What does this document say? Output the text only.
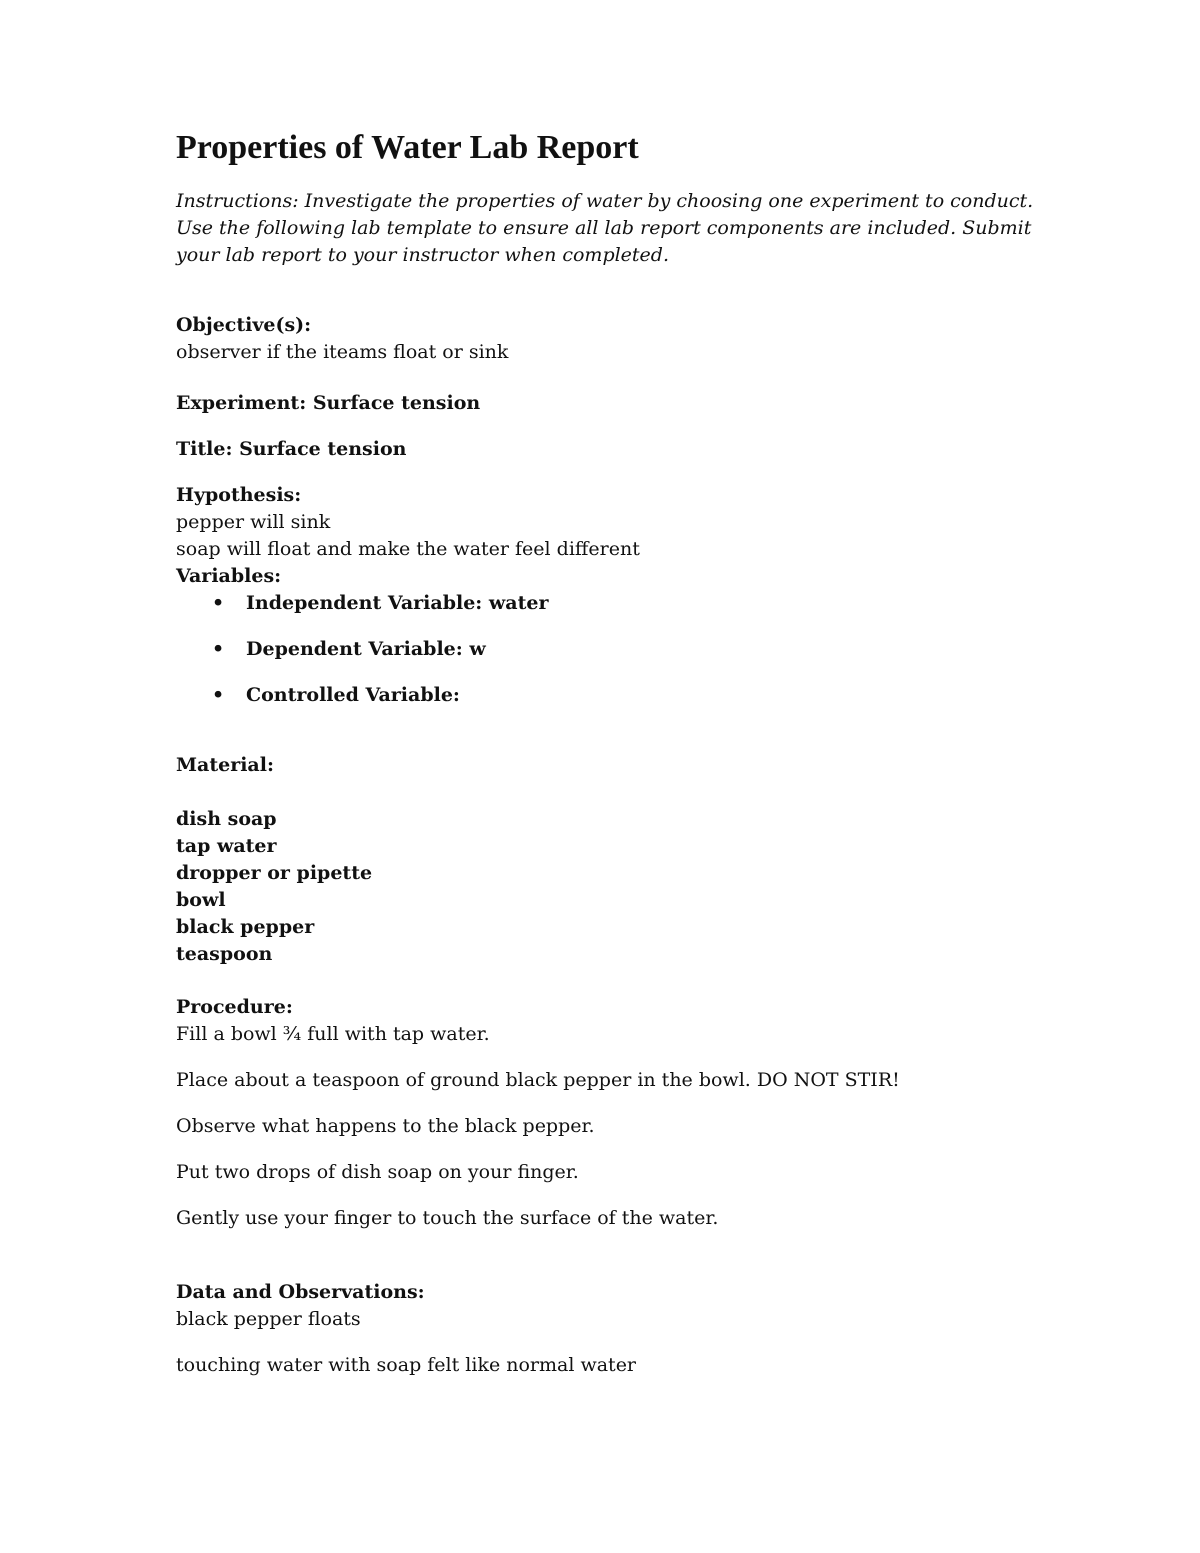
Properties of Water Lab Report
Instructions: Investigate the properties of water by choosing one experiment to conduct. Use the following lab template to ensure all lab report components are included. Submit your lab report to your instructor when completed.
Objective(s):
observer if the iteams float or sink
Experiment: Surface tension
Title: Surface tension
Hypothesis:
pepper will sink
soap will float and make the water feel different
Variables:
• Independent Variable: water
• Dependent Variable: w
• Controlled Variable:
Material:
dish soap
tap water
dropper or pipette
bowl
black pepper
teaspoon
Procedure:
Fill a bowl ¾ full with tap water.
Place about a teaspoon of ground black pepper in the bowl. DO NOT STIR!
Observe what happens to the black pepper.
Put two drops of dish soap on your finger.
Gently use your finger to touch the surface of the water.
Data and Observations:
black pepper floats
touching water with soap felt like normal water
